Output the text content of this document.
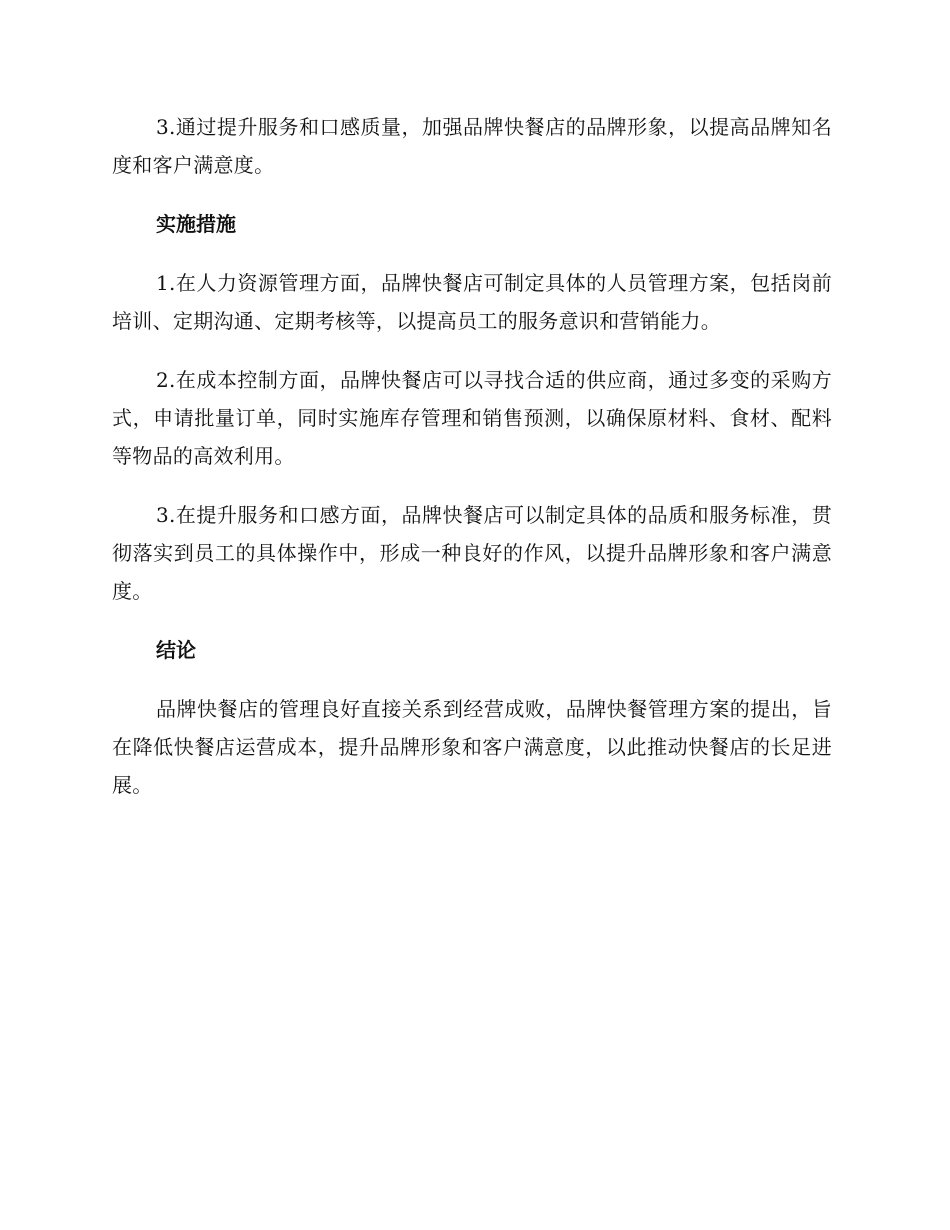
3.通过提升服务和口感质量，加强品牌快餐店的品牌形象，以提高品牌知名度和客户满意度。

实施措施

1.在人力资源管理方面，品牌快餐店可制定具体的人员管理方案，包括岗前培训、定期沟通、定期考核等，以提高员工的服务意识和营销能力。

2.在成本控制方面，品牌快餐店可以寻找合适的供应商，通过多变的采购方式，申请批量订单，同时实施库存管理和销售预测，以确保原材料、食材、配料等物品的高效利用。

3.在提升服务和口感方面，品牌快餐店可以制定具体的品质和服务标准，贯彻落实到员工的具体操作中，形成一种良好的作风，以提升品牌形象和客户满意度。

结论

品牌快餐店的管理良好直接关系到经营成败，品牌快餐管理方案的提出，旨在降低快餐店运营成本，提升品牌形象和客户满意度，以此推动快餐店的长足进展。
